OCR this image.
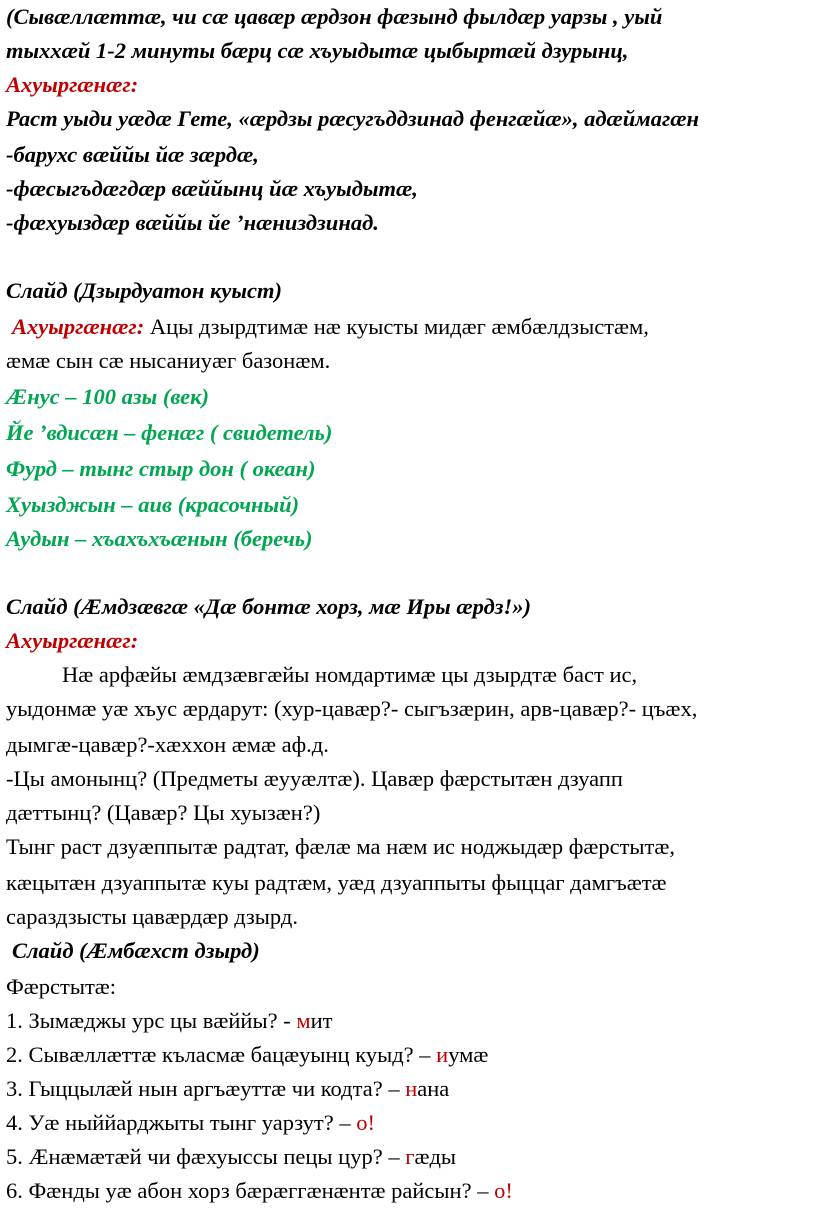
(Сывæллæттæ, чи сæ цавæр æрдзон фæзынд фылдæр уарзы , уый
тыххæй 1-2 минуты бæрц сæ хъуыдытæ цыбыртæй дзурынц,
Ахуыргæнæг:
Раст уыди уæдæ Гете, «æрдзы рæсугъддзинад фенгæйæ», адæймагæн
-барухс вæййы йæ зæрдæ,
-фæсыгъдæгдæр вæййынц йæ хъуыдытæ,
-фæхуыздæр вæййы йе ’нæниздзинад.
Слайд (Дзырдуатон куыст)
Ахуыргæнæг: Ацы дзырдтимæ нæ куысты мидæг æмбæлдзыстæм,
æмæ сын сæ нысаниуæг базонæм.
Æнус – 100 азы (век)
Йе ’вдисæн – фенæг ( свидетель)
Фурд – тынг стыр дон ( океан)
Хуызджын – аив (красочный)
Аудын – хъахъхъæнын (беречь)
Слайд (Æмдзæвгæ «Дæ бонтæ хорз, мæ Иры æрдз!»)
Ахуыргæнæг:
Нæ арфæйы æмдзæвгæйы номдартимæ цы дзырдтæ баст ис,
уыдонмæ уæ хъус æрдарут: (хур-цавæр?- сыгъзæрин, арв-цавæр?- цъæх,
дымгæ-цавæр?-хæххон æмæ аф.д.
-Цы амонынц? (Предметы æууæлтæ). Цавæр фæрстытæн дзуапп
дæттынц? (Цавæр? Цы хуызæн?)
Тынг раст дзуæппытæ радтат, фæлæ ма нæм ис ноджыдæр фæрстытæ,
кæцытæн дзуаппытæ куы радтæм, уæд дзуаппыты фыццаг дамгъæтæ
сараздзысты цавæрдæр дзырд.
Слайд (Æмбæхст дзырд)
Фæрстытæ:
1. Зымæджы урс цы вæййы? - мит
2. Сывæллæттæ къласмæ бацæуынц куыд? – иумæ
3. Гыццылæй нын аргъæуттæ чи кодта? – нана
4. Уæ ныййарджыты тынг уарзут? – о!
5. Æнæмæтæй чи фæхуыссы пецы цур? – гæды
6. Фæнды уæ абон хорз бæрæггæнæнтæ райсын? – о!
